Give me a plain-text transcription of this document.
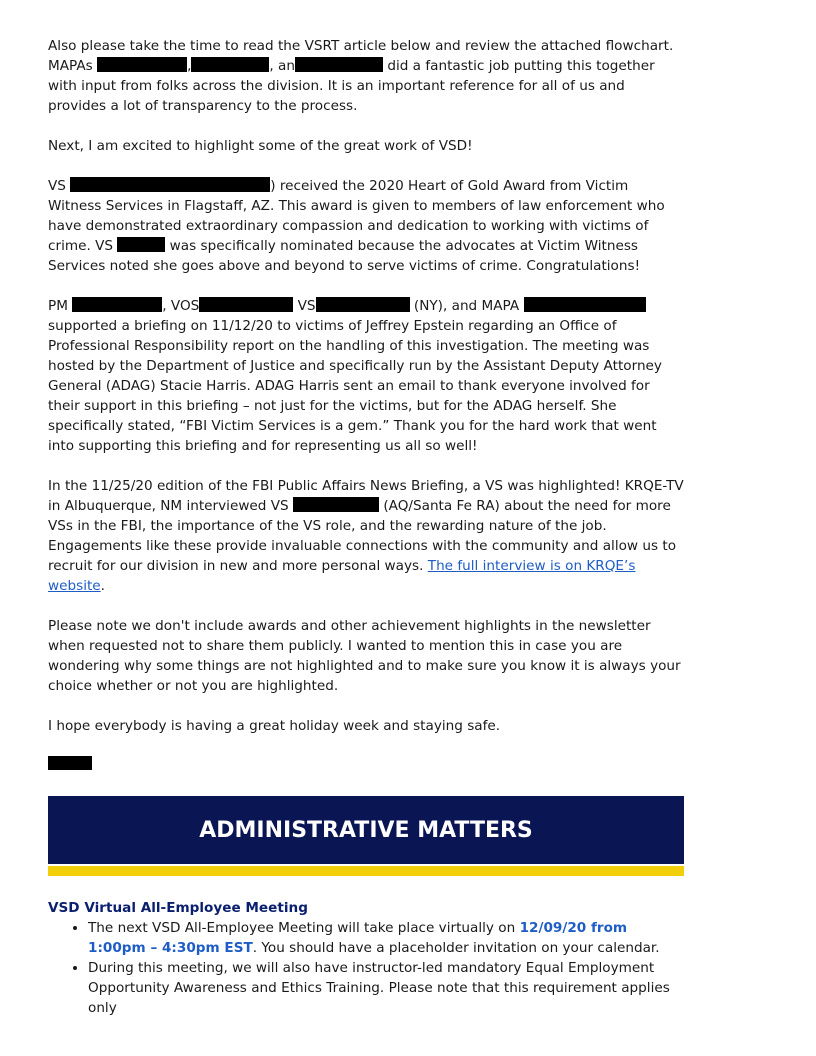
Also please take the time to read the VSRT article below and review the attached flowchart. MAPAs	,	, an	did a fantastic job putting this together with input from folks across the division. It is an important reference for all of us and provides a lot of transparency to the process.

Next, I am excited to highlight some of the great work of VSD!

VS	) received the 2020 Heart of Gold Award from Victim Witness Services in Flagstaff, AZ. This award is given to members of law enforcement who have demonstrated extraordinary compassion and dedication to working with victims of crime. VS	was specifically nominated because the advocates at Victim Witness Services noted she goes above and beyond to serve victims of crime. Congratulations!

PM	, VOS	VS	(NY), and MAPA  supported a briefing on 11/12/20 to victims of Jeffrey Epstein regarding an Office of Professional Responsibility report on the handling of this investigation. The meeting was hosted by the Department of Justice and specifically run by the Assistant Deputy Attorney General (ADAG) Stacie Harris. ADAG Harris sent an email to thank everyone involved for their support in this briefing – not just for the victims, but for the ADAG herself. She specifically stated, “FBI Victim Services is a gem.” Thank you for the hard work that went into supporting this briefing and for representing us all so well!

In the 11/25/20 edition of the FBI Public Affairs News Briefing, a VS was highlighted! KRQE-TV in Albuquerque, NM interviewed VS	(AQ/Santa Fe RA) about the need for more VSs in the FBI, the importance of the VS role, and the rewarding nature of the job. Engagements like these provide invaluable connections with the community and allow us to recruit for our division in new and more personal ways. The full interview is on KRQE’s website.

Please note we don't include awards and other achievement highlights in the newsletter when requested not to share them publicly. I wanted to mention this in case you are wondering why some things are not highlighted and to make sure you know it is always your choice whether or not you are highlighted.

I hope everybody is having a great holiday week and staying safe.

ADMINISTRATIVE MATTERS
VSD Virtual All-Employee Meeting
• The next VSD All-Employee Meeting will take place virtually on 12/09/20 from 1:00pm – 4:30pm EST. You should have a placeholder invitation on your calendar.
• During this meeting, we will also have instructor-led mandatory Equal Employment Opportunity Awareness and Ethics Training. Please note that this requirement applies only
